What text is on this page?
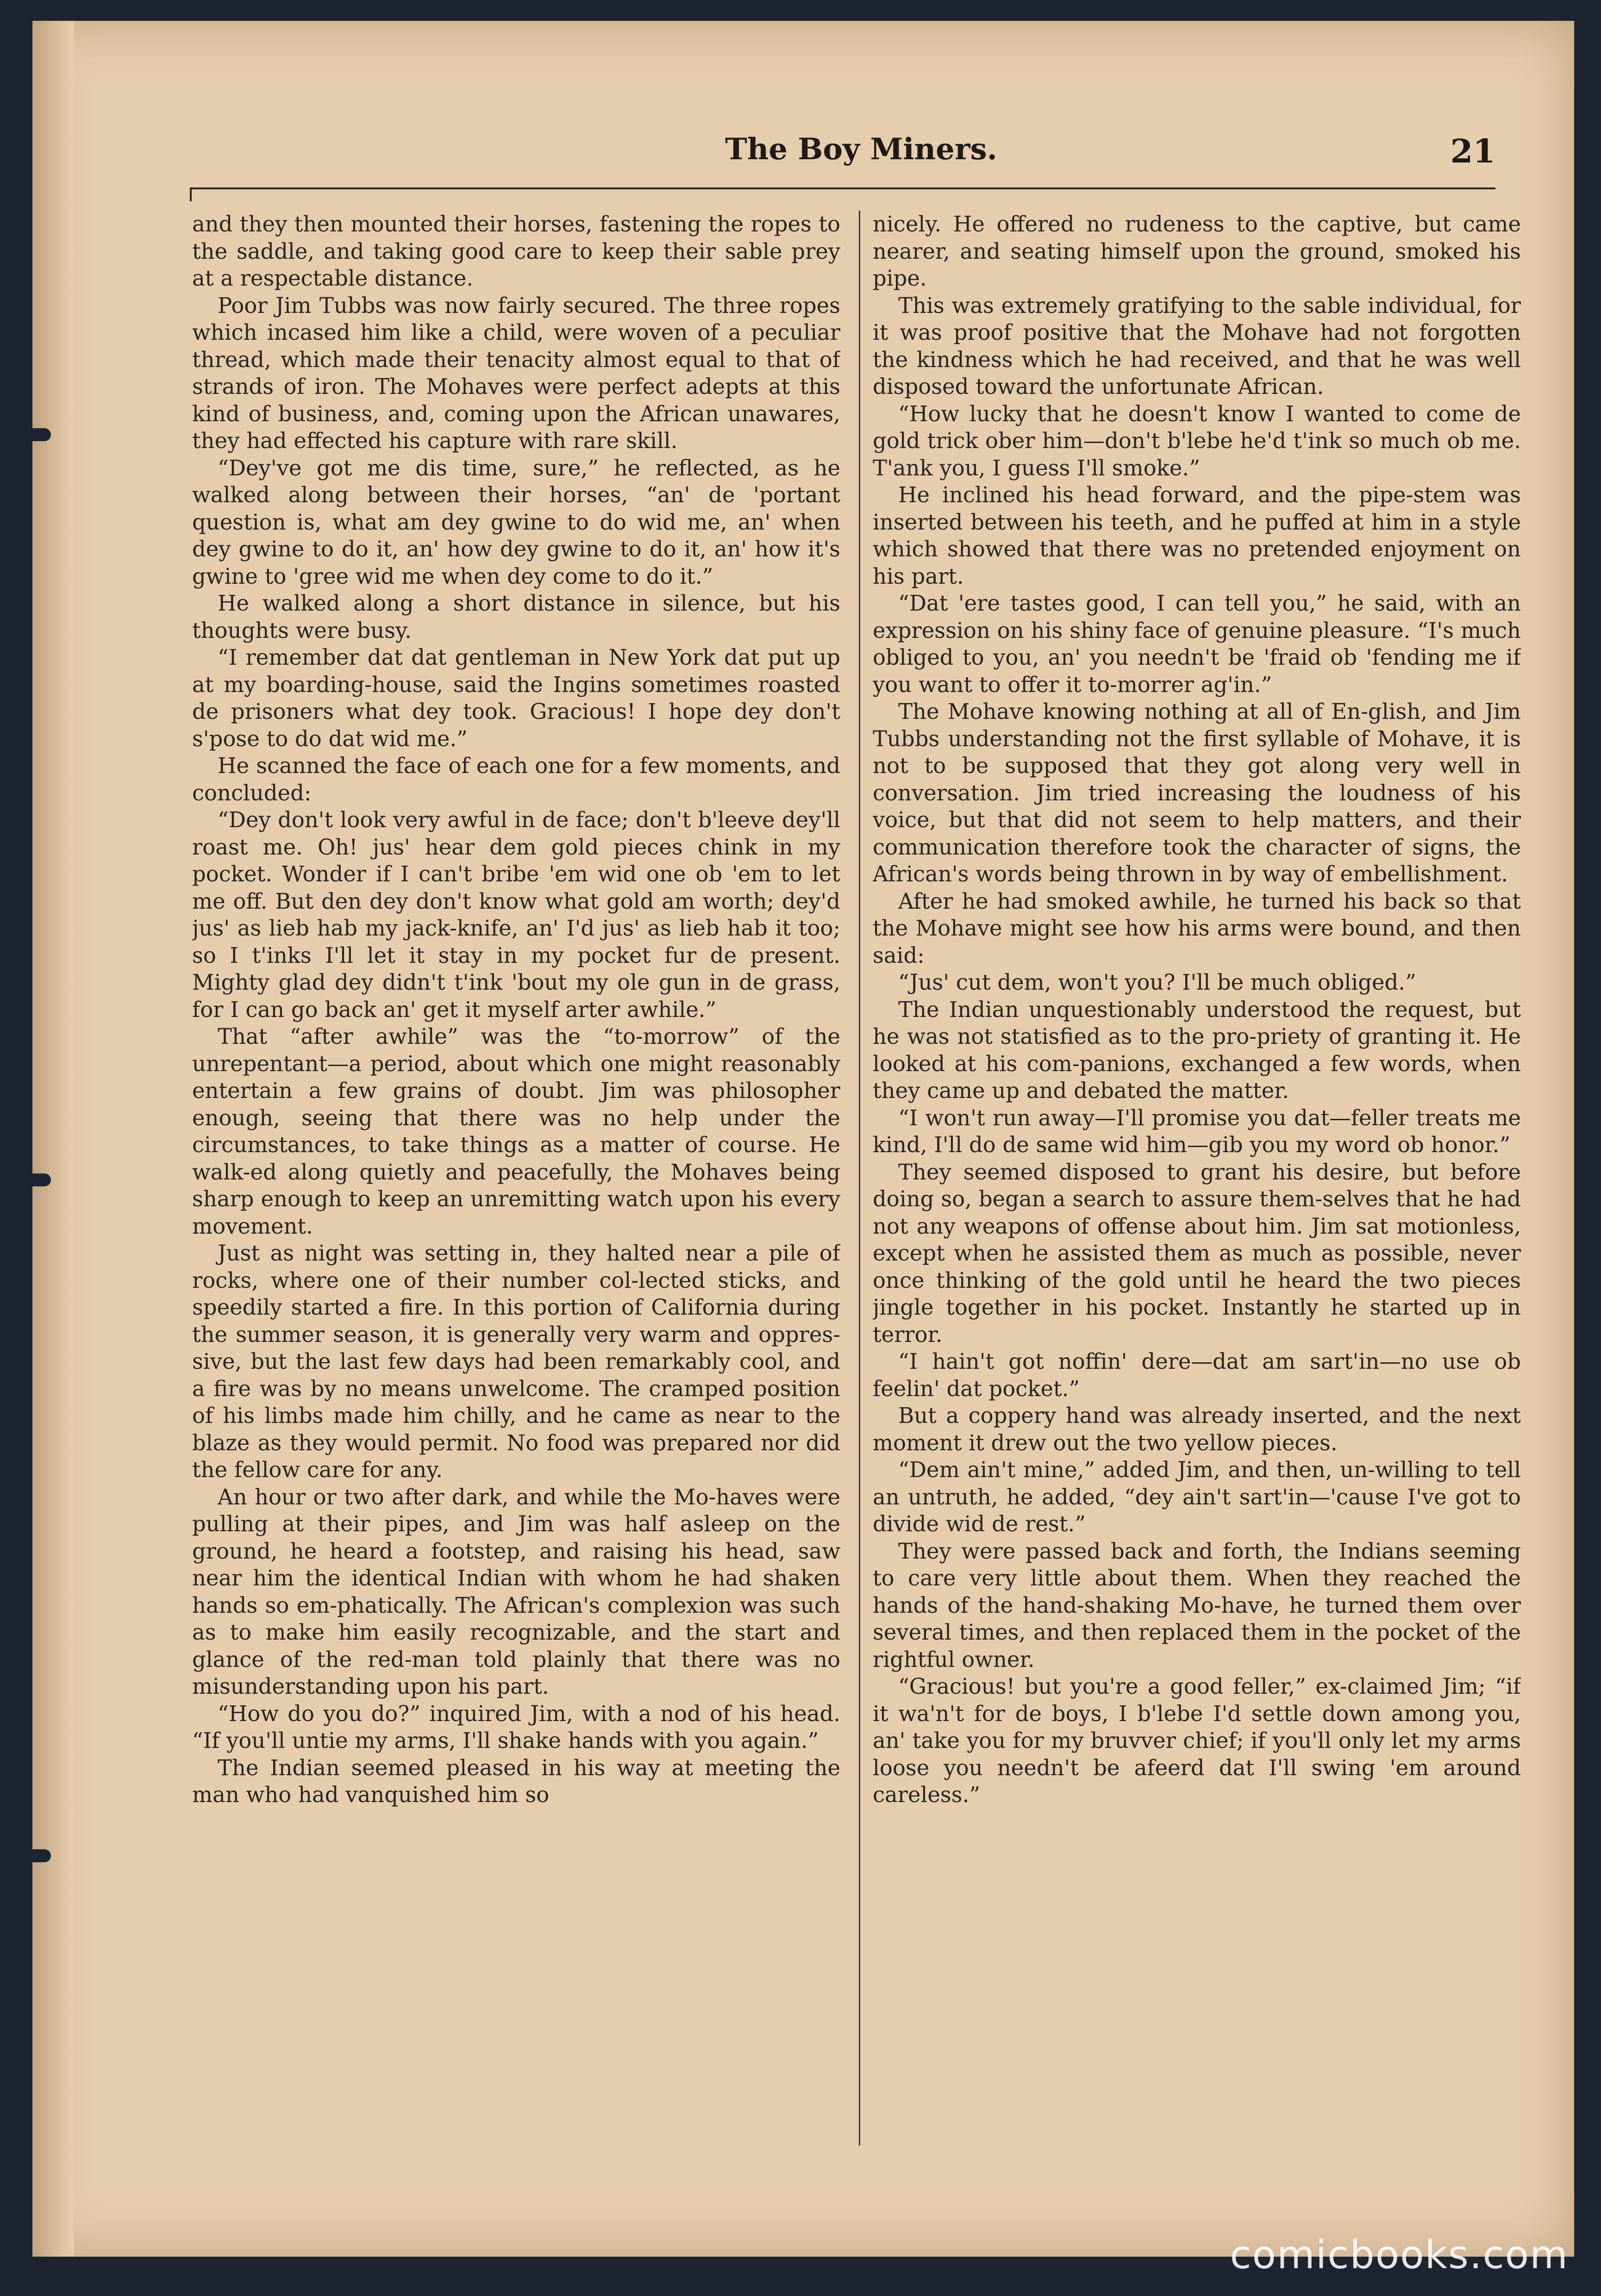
The Boy Miners.	21

and they then mounted their horses, fastening the ropes to the saddle, and taking good care to keep their sable prey at a respectable distance.

Poor Jim Tubbs was now fairly secured. The three ropes which incased him like a child, were woven of a peculiar thread, which made their tenacity almost equal to that of strands of iron. The Mohaves were perfect adepts at this kind of business, and, coming upon the African unawares, they had effected his capture with rare skill.

“Dey've got me dis time, sure,” he reflected, as he walked along between their horses, “an' de 'portant question is, what am dey gwine to do wid me, an' when dey gwine to do it, an' how dey gwine to do it, an' how it's gwine to 'gree wid me when dey come to do it.”

He walked along a short distance in silence, but his thoughts were busy.

“I remember dat dat gentleman in New York dat put up at my boarding-house, said the Ingins sometimes roasted de prisoners what dey took. Gracious! I hope dey don't s'pose to do dat wid me.”

He scanned the face of each one for a few moments, and concluded:

“Dey don't look very awful in de face; don't b'leeve dey'll roast me. Oh! jus' hear dem gold pieces chink in my pocket. Wonder if I can't bribe 'em wid one ob 'em to let me off. But den dey don't know what gold am worth; dey'd jus' as lieb hab my jack-knife, an' I'd jus' as lieb hab it too; so I t'inks I'll let it stay in my pocket fur de present. Mighty glad dey didn't t'ink 'bout my ole gun in de grass, for I can go back an' get it myself arter awhile.”

That “after awhile” was the “to-morrow” of the unrepentant—a period, about which one might reasonably entertain a few grains of doubt. Jim was philosopher enough, seeing that there was no help under the circumstances, to take things as a matter of course. He walk-ed along quietly and peacefully, the Mohaves being sharp enough to keep an unremitting watch upon his every movement.

Just as night was setting in, they halted near a pile of rocks, where one of their number col-lected sticks, and speedily started a fire. In this portion of California during the summer season, it is generally very warm and oppres-sive, but the last few days had been remarkably cool, and a fire was by no means unwelcome. The cramped position of his limbs made him chilly, and he came as near to the blaze as they would permit. No food was prepared nor did the fellow care for any.

An hour or two after dark, and while the Mo-haves were pulling at their pipes, and Jim was half asleep on the ground, he heard a footstep, and raising his head, saw near him the identical Indian with whom he had shaken hands so em-phatically. The African's complexion was such as to make him easily recognizable, and the start and glance of the red-man told plainly that there was no misunderstanding upon his part.

“How do you do?” inquired Jim, with a nod of his head. “If you'll untie my arms, I'll shake hands with you again.”

The Indian seemed pleased in his way at meeting the man who had vanquished him so

nicely. He offered no rudeness to the captive, but came nearer, and seating himself upon the ground, smoked his pipe.

This was extremely gratifying to the sable individual, for it was proof positive that the Mohave had not forgotten the kindness which he had received, and that he was well disposed toward the unfortunate African.

“How lucky that he doesn't know I wanted to come de gold trick ober him—don't b'lebe he'd t'ink so much ob me. T'ank you, I guess I'll smoke.”

He inclined his head forward, and the pipe-stem was inserted between his teeth, and he puffed at him in a style which showed that there was no pretended enjoyment on his part.

“Dat 'ere tastes good, I can tell you,” he said, with an expression on his shiny face of genuine pleasure. “I's much obliged to you, an' you needn't be 'fraid ob 'fending me if you want to offer it to-morrer ag'in.”

The Mohave knowing nothing at all of En-glish, and Jim Tubbs understanding not the first syllable of Mohave, it is not to be supposed that they got along very well in conversation. Jim tried increasing the loudness of his voice, but that did not seem to help matters, and their communication therefore took the character of signs, the African's words being thrown in by way of embellishment.

After he had smoked awhile, he turned his back so that the Mohave might see how his arms were bound, and then said:

“Jus' cut dem, won't you? I'll be much obliged.”

The Indian unquestionably understood the request, but he was not statisfied as to the pro-priety of granting it. He looked at his com-panions, exchanged a few words, when they came up and debated the matter.

“I won't run away—I'll promise you dat—feller treats me kind, I'll do de same wid him—gib you my word ob honor.”

They seemed disposed to grant his desire, but before doing so, began a search to assure them-selves that he had not any weapons of offense about him. Jim sat motionless, except when he assisted them as much as possible, never once thinking of the gold until he heard the two pieces jingle together in his pocket. Instantly he started up in terror.

“I hain't got noffin' dere—dat am sart'in—no use ob feelin' dat pocket.”

But a coppery hand was already inserted, and the next moment it drew out the two yellow pieces.

“Dem ain't mine,” added Jim, and then, un-willing to tell an untruth, he added, “dey ain't sart'in—'cause I've got to divide wid de rest.”

They were passed back and forth, the Indians seeming to care very little about them. When they reached the hands of the hand-shaking Mo-have, he turned them over several times, and then replaced them in the pocket of the rightful owner.

“Gracious! but you're a good feller,” ex-claimed Jim; “if it wa'n't for de boys, I b'lebe I'd settle down among you, an' take you for my bruvver chief; if you'll only let my arms loose you needn't be afeerd dat I'll swing 'em around careless.”

comicbooks.com
